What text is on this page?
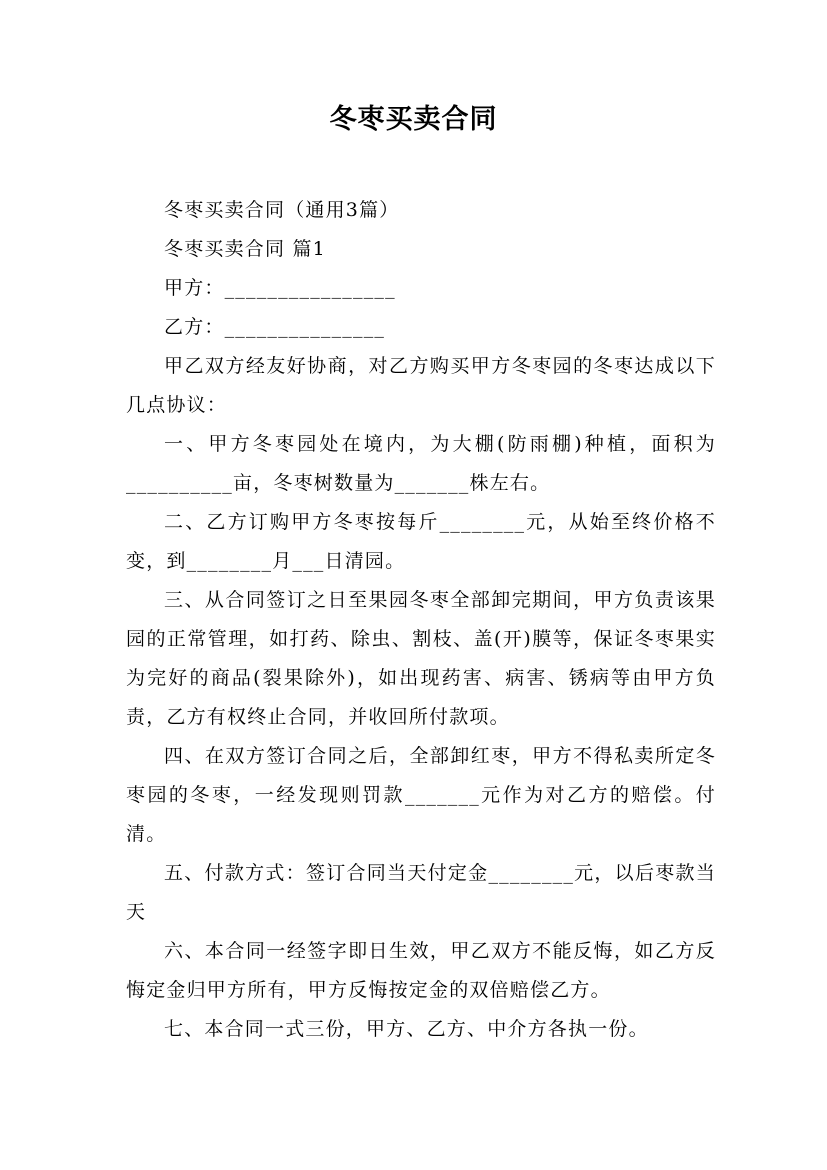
冬枣买卖合同

冬枣买卖合同（通用3篇）

冬枣买卖合同 篇1

甲方：________________

乙方：_______________

甲乙双方经友好协商，对乙方购买甲方冬枣园的冬枣达成以下几点协议：

一、甲方冬枣园处在境内，为大棚(防雨棚)种植，面积为__________亩，冬枣树数量为_______株左右。

二、乙方订购甲方冬枣按每斤________元，从始至终价格不变，到________月___日清园。

三、从合同签订之日至果园冬枣全部卸完期间，甲方负责该果园的正常管理，如打药、除虫、割枝、盖(开)膜等，保证冬枣果实为完好的商品(裂果除外)，如出现药害、病害、锈病等由甲方负责，乙方有权终止合同，并收回所付款项。

四、在双方签订合同之后，全部卸红枣，甲方不得私卖所定冬枣园的冬枣，一经发现则罚款_______元作为对乙方的赔偿。付清。

五、付款方式：签订合同当天付定金________元，以后枣款当天

六、本合同一经签字即日生效，甲乙双方不能反悔，如乙方反悔定金归甲方所有，甲方反悔按定金的双倍赔偿乙方。

七、本合同一式三份，甲方、乙方、中介方各执一份。
